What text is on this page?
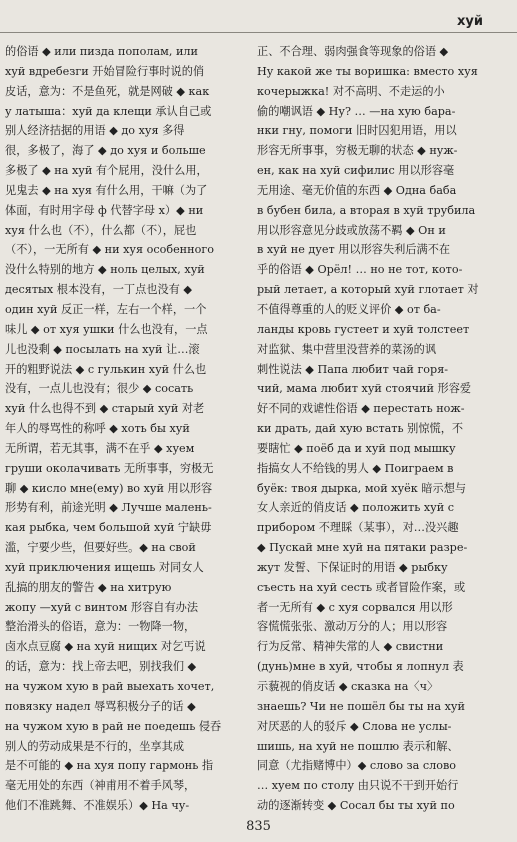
хуй
的俗语 ◆ или пизда пополам, или
хуй вдребезги 开始冒险行事时说的俏
皮话，意为：不是鱼死，就是网破 ◆ как
у латыша：хуй да клещи 承认自己或
别人经济拮据的用语 ◆ до хуя 多得
很，多极了，海了 ◆ до хуя и больше
多极了 ◆ на хуй 有个屁用，没什么用，
见鬼去 ◆ на хуя 有什么用，干嘛（为了
体面，有时用字母 ф 代替字母 х）◆ ни
хуя 什么也（不），什么都（不），屁也
（不），一无所有 ◆ ни хуя особенного
没什么特别的地方 ◆ ноль целых, хуй
десятых 根本没有，一丁点也没有 ◆
один хуй 反正一样，左右一个样，一个
味儿 ◆ от хуя ушки 什么也没有，一点
儿也没剩 ◆ посылать на хуй 让…滚
开的粗野说法 ◆ с гулькин хуй 什么也
没有，一点儿也没有；很少 ◆ сосать
хуй 什么也得不到 ◆ старый хуй 对老
年人的辱骂性的称呼 ◆ хоть бы хуй
无所谓，若无其事，满不在乎 ◆ хуем
груши околачивать 无所事事，穷极无
聊 ◆ кисло мне(ему) во хуй 用以形容
形势有利，前途光明 ◆ Лучше малень-
кая рыбка, чем большой хуй 宁缺毋
滥，宁要少些，但要好些。◆ на свой
хуй приключения ищешь 对同女人
乱搞的朋友的警告 ◆ на хитрую
жопу —хуй с винтом 形容自有办法
整治滑头的俗语，意为：一物降一物，
卤水点豆腐 ◆ на хуй нищих 对乞丐说
的话，意为：找上帝去吧，别找我们 ◆
на чужом хую в рай выехать хочет,
повязку надел 辱骂积极分子的话 ◆
на чужом хую в рай не поедешь 侵吞
别人的劳动成果是不行的，坐享其成
是不可能的 ◆ на хуя попу гармонь 指
毫无用处的东西（神甫用不着手风琴，
他们不准跳舞、不准娱乐）◆ На чу-
正、不合理、弱肉强食等现象的俗语 ◆
Ну какой же ты воришка: вместо хуя
кочерыжка! 对不高明、不走运的小
偷的嘲讽语 ◆ Ну? … —на хую бара-
нки гну, помоги 旧时囚犯用语，用以
形容无所事事，穷极无聊的状态 ◆ нуж-
ен, как на хуй сифилис 用以形容毫
无用途、毫无价值的东西 ◆ Одна баба
в бубен била, а вторая в хуй трубила
用以形容意见分歧或放荡不羁 ◆ Он и
в хуй не дует 用以形容失利后满不在
乎的俗语 ◆ Орёл! … но не тот, кото-
рый летает, а который хуй глотает 对
不值得尊重的人的贬义评价 ◆ от ба-
ланды кровь густеет и хуй толстеет
对监狱、集中营里没营养的菜汤的讽
刺性说法 ◆ Папа любит чай горя-
чий, мама любит хуй стоячий 形容爱
好不同的戏谑性俗语 ◆ перестать нож-
ки драть, дай хую встать 别惊慌，不
要瞎忙 ◆ поёб да и хуй под мышку
指搞女人不给钱的男人 ◆ Поиграем в
буёк: твоя дырка, мой хуёк 暗示想与
女人亲近的俏皮话 ◆ положить хуй с
прибором 不理睬（某事），对…没兴趣
◆ Пускай мне хуй на пятаки разре-
жут 发誓、下保证时的用语 ◆ рыбку
съесть на хуй сесть 或者冒险作案，或
者一无所有 ◆ с хуя сорвался 用以形
容慌慌张张、激动万分的人；用以形容
行为反常、精神失常的人 ◆ свистни
(дунь)мне в хуй, чтобы я лопнул 表
示藐视的俏皮话 ◆ сказка на〈ч〉
знаешь? Чи не пошёл бы ты на хуй
对厌恶的人的驳斥 ◆ Слова не услы-
шишь, на хуй не пошлю 表示和解、
同意（尤指赌博中）◆ слово за слово
… хуем по столу 由只说不干到开始行
动的逐渐转变 ◆ Сосал бы ты хуй по
835
